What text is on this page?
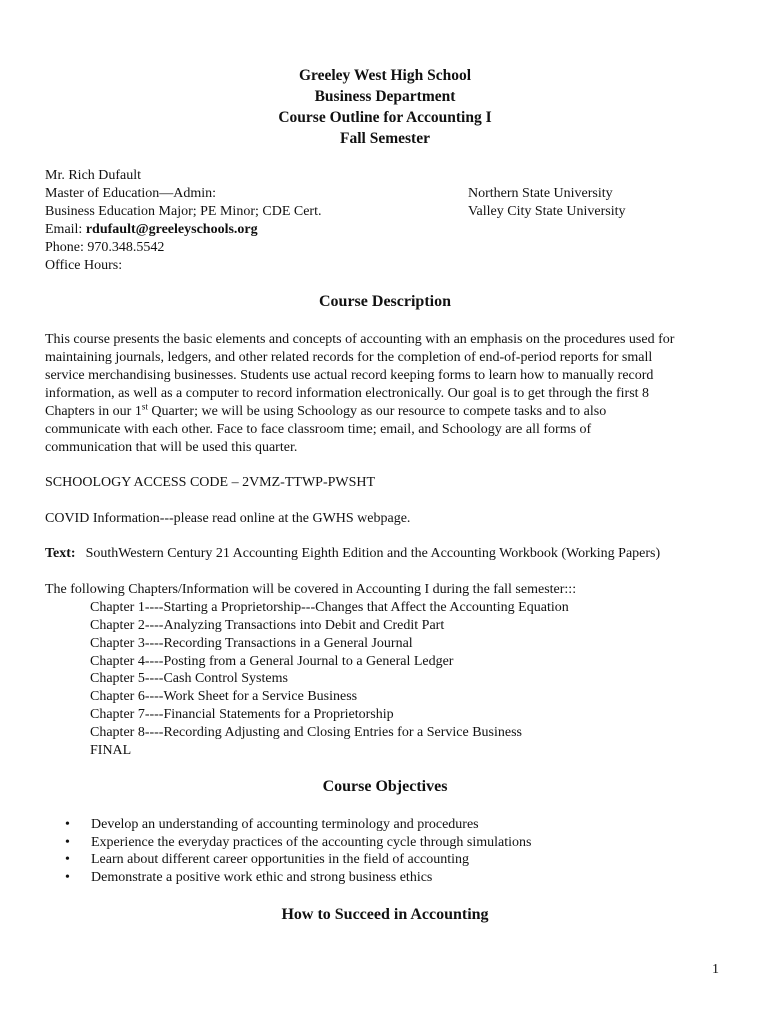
Greeley West High School
Business Department
Course Outline for Accounting I
Fall Semester
Mr. Rich Dufault
Master of Education—Admin:	Northern State University
Business Education Major; PE Minor; CDE Cert.	Valley City State University
Email: rdufault@greeleyschools.org
Phone: 970.348.5542
Office Hours:
Course Description
This course presents the basic elements and concepts of accounting with an emphasis on the procedures used for
maintaining journals, ledgers, and other related records for the completion of end-of-period reports for small
service merchandising businesses. Students use actual record keeping forms to learn how to manually record
information, as well as a computer to record information electronically. Our goal is to get through the first 8
Chapters in our 1st Quarter; we will be using Schoology as our resource to compete tasks and to also
communicate with each other. Face to face classroom time; email, and Schoology are all forms of
communication that will be used this quarter.
SCHOOLOGY ACCESS CODE – 2VMZ-TTWP-PWSHT
COVID Information---please read online at the GWHS webpage.
Text: SouthWestern Century 21 Accounting Eighth Edition and the Accounting Workbook (Working Papers)
The following Chapters/Information will be covered in Accounting I during the fall semester:::
Chapter 1----Starting a Proprietorship---Changes that Affect the Accounting Equation
Chapter 2----Analyzing Transactions into Debit and Credit Part
Chapter 3----Recording Transactions in a General Journal
Chapter 4----Posting from a General Journal to a General Ledger
Chapter 5----Cash Control Systems
Chapter 6----Work Sheet for a Service Business
Chapter 7----Financial Statements for a Proprietorship
Chapter 8----Recording Adjusting and Closing Entries for a Service Business
FINAL
Course Objectives
• Develop an understanding of accounting terminology and procedures
• Experience the everyday practices of the accounting cycle through simulations
• Learn about different career opportunities in the field of accounting
• Demonstrate a positive work ethic and strong business ethics
How to Succeed in Accounting
1
